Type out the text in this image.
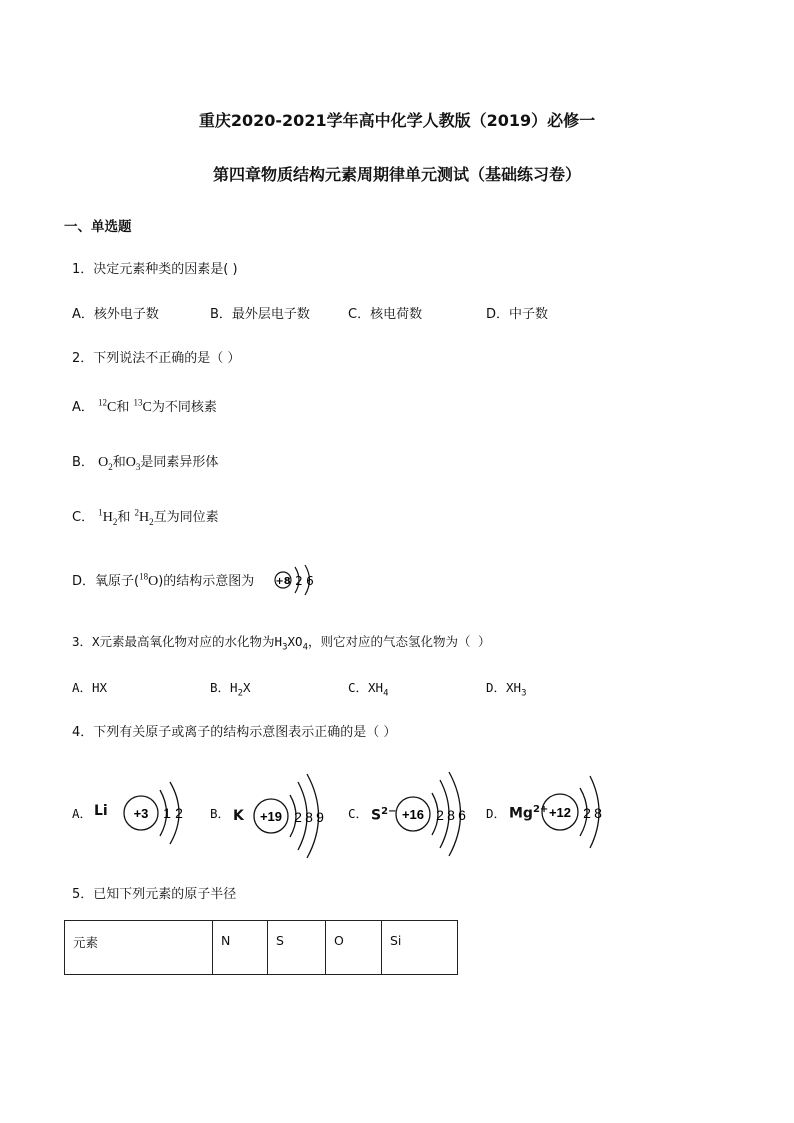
重庆2020-2021学年高中化学人教版（2019）必修一
第四章物质结构元素周期律单元测试（基础练习卷）
一、单选题
1．决定元素种类的因素是( )
A．核外电子数	B．最外层电子数	C．核电荷数	D．中子数
2．下列说法不正确的是（ ）
A． $^{12}$C和 $^{13}$C为不同核素
B． $O_2$和$O_3$是同素异形体
C． $^1H_2$和 $^2H_2$互为同位素
D．氧原子($^{18}$O)的结构示意图为 +8 2 6
3．X元素最高氧化物对应的水化物为$H_3XO_4$，则它对应的气态氢化物为（ ）
A．HX	B．$H_2X$	C．$XH_4$	D．$XH_3$
4．下列有关原子或离子的结构示意图表示正确的是（ ）
A． Li +3 1 2 B． K +19 2 8 9 C． $S^{2-} +16$ 2 8 6 D． $Mg^{2+} +12$ 2 8
5．已知下列元素的原子半径
元素	N	S	O	Si
